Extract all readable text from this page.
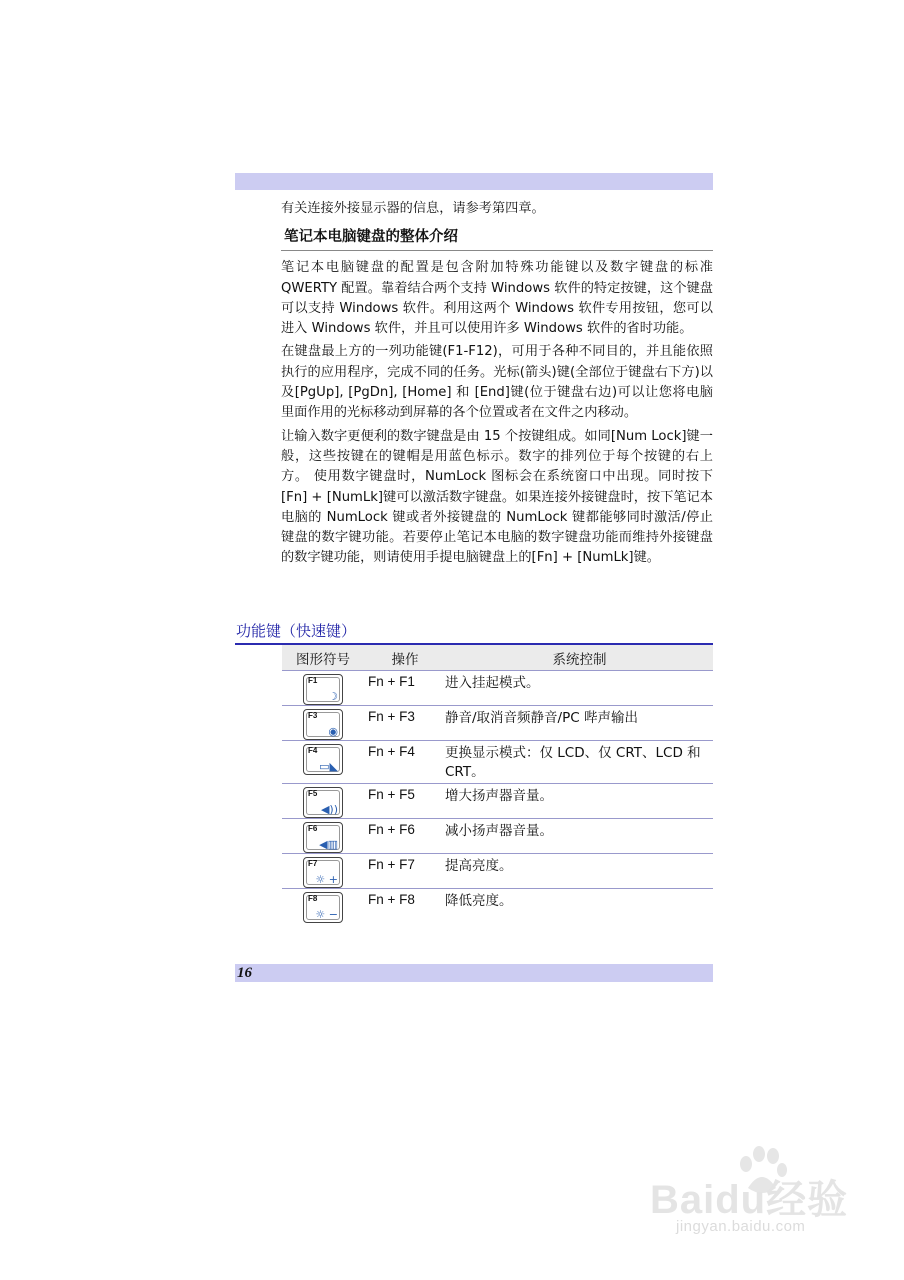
有关连接外接显示器的信息，请参考第四章。

笔记本电脑键盘的整体介绍

笔记本电脑键盘的配置是包含附加特殊功能键以及数字键盘的标准 QWERTY 配置。靠着结合两个支持 Windows 软件的特定按键，这个键盘可以支持 Windows 软件。利用这两个 Windows 软件专用按钮，您可以进入 Windows 软件，并且可以使用许多 Windows 软件的省时功能。

在键盘最上方的一列功能键(F1-F12)，可用于各种不同目的，并且能依照执行的应用程序，完成不同的任务。光标(箭头)键(全部位于键盘右下方)以及[PgUp], [PgDn], [Home] 和 [End]键(位于键盘右边)可以让您将电脑里面作用的光标移动到屏幕的各个位置或者在文件之内移动。

让输入数字更便利的数字键盘是由 15 个按键组成。如同[Num Lock]键一般，这些按键在的键帽是用蓝色标示。数字的排列位于每个按键的右上方。 使用数字键盘时，NumLock 图标会在系统窗口中出现。同时按下[Fn] + [NumLk]键可以激活数字键盘。如果连接外接键盘时，按下笔记本电脑的 NumLock 键或者外接键盘的 NumLock 键都能够同时激活/停止键盘的数字键功能。若要停止笔记本电脑的数字键盘功能而维持外接键盘的数字键功能，则请使用手提电脑键盘上的[Fn] + [NumLk]键。

功能键（快速键）
图形符号	操作	系统控制
F1
☽
Fn + F1 进入挂起模式。
F3
◉
Fn + F3 静音/取消音频静音/PC 哔声输出
F4
▭◣
Fn + F4 更换显示模式：仅 LCD、仅 CRT、LCD 和 CRT。
F5
◀))
Fn + F5 增大扬声器音量。
F6
◀▥
Fn + F6 减小扬声器音量。
F7
☼ +
Fn + F7 提高亮度。
F8
☼ −
Fn + F8 降低亮度。
16
Baidu经验
jingyan.baidu.com
